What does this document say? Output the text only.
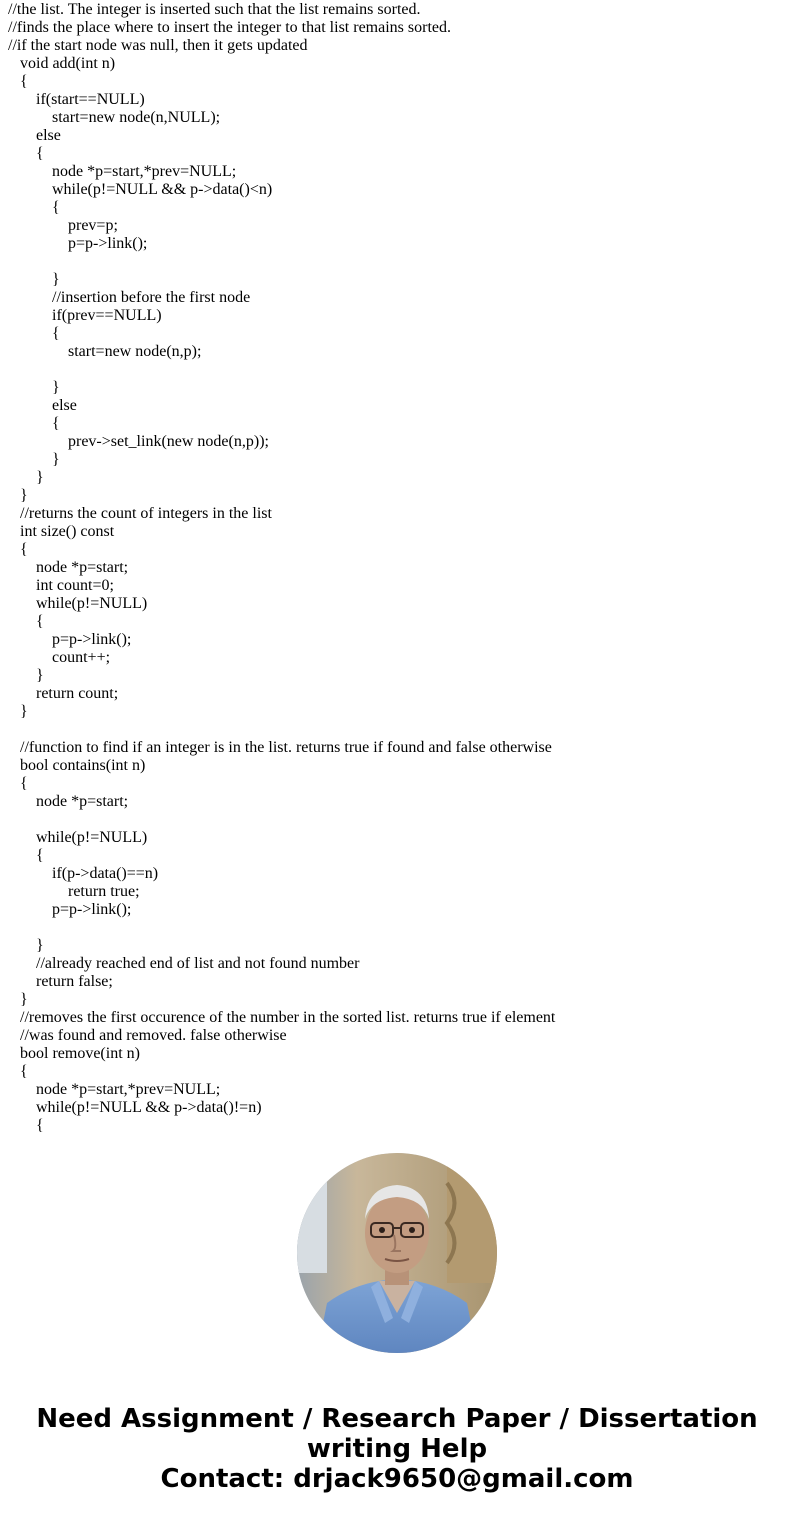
//the list. The integer is inserted such that the list remains sorted.
//finds the place where to insert the integer to that list remains sorted.
//if the start node was null, then it gets updated
void add(int n)
{
if(start==NULL)
start=new node(n,NULL);
else
{
node *p=start,*prev=NULL;
while(p!=NULL && p->data()<n)
{
prev=p;
p=p->link();
}
//insertion before the first node
if(prev==NULL)
{
start=new node(n,p);
}
else
{
prev->set_link(new node(n,p));
}
}
}
//returns the count of integers in the list
int size() const
{
node *p=start;
int count=0;
while(p!=NULL)
{
p=p->link();
count++;
}
return count;
}
//function to find if an integer is in the list. returns true if found and false otherwise
bool contains(int n)
{
node *p=start;
while(p!=NULL)
{
if(p->data()==n)
return true;
p=p->link();
}
//already reached end of list and not found number
return false;
}
//removes the first occurence of the number in the sorted list. returns true if element
//was found and removed. false otherwise
bool remove(int n)
{
node *p=start,*prev=NULL;
while(p!=NULL && p->data()!=n)
{
Need Assignment / Research Paper / Dissertation
writing Help
Contact: drjack9650@gmail.com
